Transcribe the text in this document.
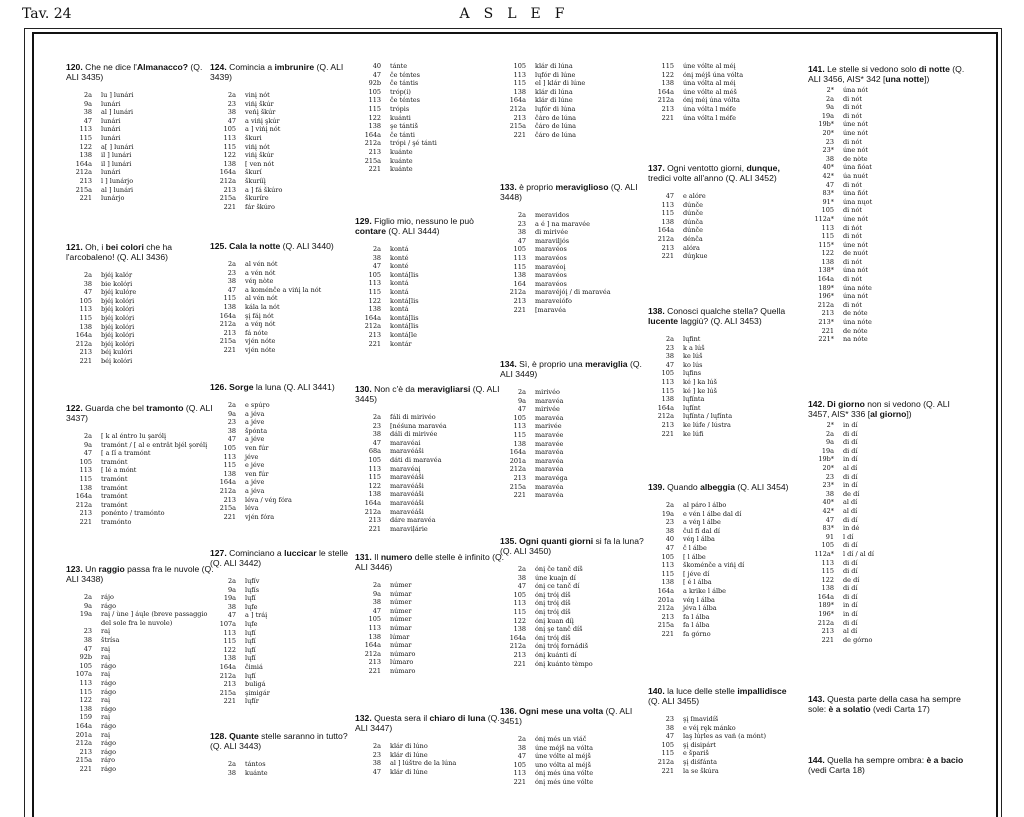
Tav. 24	ASLEF
120. Che ne dice l'Almanacco? (Q. ALI 3435)
2a	lu ] lunári
9a	lunári
38	al ] lunári
47	lunári
113	lunári
115	lunári
122	a[ ] lunári
138	il ] lunári
164a	il ] lunári
212a	lunári
213	l ] lunárjo
215a	al ] lunári
221	lunárjo
121. Oh, i bei colori che ha l'arcobaleno! (Q. ALI 3436)
2a	bjéį kalóŗ
38	bie kolóŗi
47	bjéį kulóŗe
105	bjéį kolóŗi
113	bjéį kolóŗi
115	bjéį kolóŗi
138	bjéį kolóŗi
164a	bjéį kolóŗi
212a	bjéį kolóŗi
213	béį kulóri
221	béį kolóri
122. Guarda che bel tramonto (Q. ALI 3437)
2a	[ k al éntro lu şarólį
9a	tramónt / [ al e entrât bjél şorélį
47	[ a ſí a tramónt
105	tramónt
113	[ lé a mónt
115	tramónt
138	tramónt
164a	tramónt
212a	tramónt
213	ponénto / tramónto
221	tramónto
123. Un raggio passa fra le nuvole (Q. ALI 3438)
2a	rájo
9a	rágo
19a	raį / ùne ] áųle (breve passaggio
del sole fra le nuvole)
23	raį
38	štrísa
47	raį
92b	raį
105	rágo
107a	raį
113	rágo
115	rágo
122	raį
138	rágo
159	raį
164a	rágo
201a	raį
212a	rágo
213	rágo
215a	ráŗo
221	rágo
124. Comincia a imbrunire (Q. ALI 3439)
2a	vinį nót
23	vińį škúr
38	veńį škúr
47	a vińį şkúr
105	a ] vińį nót
113	škuri
115	vińį nót
122	vińį škúr
138	[ ven nót
164a	škurí
212a	škurííį
213	a ] fá škúro
215a	škuríre
221	fár škúro
125. Cala la notte (Q. ALI 3440)
2a	al vén nót
23	a vén nót
38	véŋ nòte
47	a koménče a vińį la nót
115	al vén nót
138	kála la nót
164a	şį fáį nót
212a	a véŋ nót
213	fá nóte
215a	vjén nóte
221	vjén nóte
126. Sorge la luna (Q. ALI 3441)
2a	e spúŗo
9a	a jéva
23	a jéve
38	špónta
47	a jéve
105	ven fúr
113	jéve
115	e jéve
138	ven fúr
164a	a jéve
212a	a jéva
213	léva / véŋ fóra
215a	léva
221	vjén fóra
127. Cominciano a luccicar le stelle (Q. ALI 3442)
2a	lųfív
9a	lųfís
19a	lųfí
38	lųfe
47	a ] tráį
107a	lųfe
113	lųfí
115	lųfí
122	lųfí
138	lųfí
164a	čimiá
212a	lųfí
213	buligá
215a	şimigár
221	lųfír
128. Quante stelle saranno in tutto? (Q. ALI 3443)
2a	tántos
38	kuánte
40	tánte
47	če téntes
92b	če tántis
105	tróp(i)
113	če téntes
115	trópis
122	kuánti
138	şe tántiš
164a	če tánti
212a	trópi / şé tánti
213	kuánte
215a	kuánte
221	kuánte
129. Figlio mio, nessuno le può contare (Q. ALI 3444)
2a	kontá
38	konté
47	konté
105	kontá[lis
113	kontá
115	kontá
122	kontá[lis
138	kontá
164a	kontá[lis
212a	kontá[lis
213	kontá[le
221	kontár
130. Non c'è da meravigliarsi (Q. ALI 3445)
2a	fáli di mirivéo
23	[néśuna maravéa
38	dáli di mirivée
47	maravéai
68a	maravéáši
105	dáti di maravéa
113	maravéaį
115	maravéáši
122	maravéáši
138	maravéáši
164a	maravéáši
212a	maravéáši
213	dáre maravéa
221	maraviļárie
131. Il numero delle stelle è infinito (Q. ALI 3446)
2a	númer
9a	númar
38	númer
47	númer
105	númer
113	númar
138	lúmar
164a	númar
212a	númaro
213	lúmaro
221	númaro
132. Questa sera il chiaro di luna (Q. ALI 3447)
2a	klár di lúno
23	klár di lúne
38	al ] lúštre de la lúna
47	klár di lúne
105	klár di lúna
113	lųfór di lúne
115	el ] klár di lúne
138	klár di lúna
164a	klár di lúne
212a	lųfór di lúna
213	čáro de lúna
215a	čáro de lúna
221	čáro de lúna
133. è proprio meraviglioso (Q. ALI 3448)
2a	meravidos
23	a é ] na maravée
38	di mirivée
47	maraviljós
105	maravéos
113	maravéos
115	maravéoį
138	maravéos
164	maravéos
212a	maravéjóį / di maravéa
213	maraveiófo
221	[maravéa
134. Sì, è proprio una meraviglia (Q. ALI 3449)
2a	mirivéo
9a	maravéa
47	mirivée
105	maravéa
113	marivée
115	maravée
138	maravée
164a	maravéa
201a	maravéa
212a	maravéa
213	maravéga
215a	maravéa
221	maravéa
135. Ogni quanti giorni si fa la luna? (Q. ALI 3450)
2a	ónį če tanč díš
38	úne kuaįn dí
47	ónį ce tanč dí
105	ónį tróį díš
113	ónį tróį díš
115	ónį tróį díš
122	ónį kuan díį
138	ónį şe tanč díš
164a	ónį tróį díš
212a	ónį tróį fornádiš
213	ónį kuánti dí
221	ónį kuánto tèmpo
136. Ogni mese una volta (Q. ALI 3451)
2a	ónį més un viáč
38	úne méjš na vólta
47	úne vólte al méjš
105	uno vólta al méjš
113	ónį més úna vólte
221	ónį més úne vólte
115	úne vólte al méį
122	ónį méjš úna vólta
138	úna vólta al méį
164a	úne vólte al méš
212a	ónį méį úna vólta
213	úna vólta l méfe
221	úna vólta l méfe
137. Ogni ventotto giorni, dunque, tredici volte all'anno (Q. ALI 3452)
47	e alóre
113	dúnče
115	dúnče
138	dúnča
164a	dúnče
212a	dénča
213	alóra
221	dúŋkue
138. Conosci qualche stella? Quella lucente laggiù? (Q. ALI 3453)
2a	lųfint
23	k a lúš
38	ke lúš
47	ko lús
105	lųfins
113	ké ] ka lúš
115	ké ] ke lúš
138	lųfínta
164a	lųfínt
212a	lųfínta / lųfínta
213	ke lúfe / lústra
221	ke lúfi
139. Quando albeggia (Q. ALI 3454)
2a	al páro l álbo
19a	e vén l álbe dal dí
23	a véŋ l álbe
38	čul fí dal dí
40	véŋ l álba
47	č l álbe
105	[ l álbe
113	škoménče a vińį dí
115	[ jéve dí
138	[ é l álba
164a	a krike l álbe
201a	véŋ l álba
212a	jéva l álba
213	fa l álba
215a	fa l álba
221	fa górno
140. la luce delle stelle impallidisce (Q. ALI 3455)
23	şį ſmavidíš
38	e véį ręk mánko
47	laş lúŗles as vań (a mónt)
105	şį disipárt
115	e špariš
212a	şį diśfánta
221	la se škúra
141. Le stelle si vedono solo di notte (Q. ALI 3456, AIS* 342 [una notte])
2*	úna nót
2a	di nót
9a	di nót
19a	di nót
19b*	úne nót
20*	úne nót
23	di nót
23*	úne nót
38	de nòte
40*	úna ñóat
42*	úa nuét
47	di nót
83*	úna ñót
91*	úna nųot
105	di nót
112a*	úne nót
113	di ńót
115	di nót
115*	úne nót
122	de nuót
138	di nót
138*	úna nót
164a	di nót
189*	úna nóte
196*	úna nót
212a	di nót
213	de nóte
213*	úna nóte
221	de nóte
221*	na nóte
142. Di giorno non si vedono (Q. ALI 3457, AIS* 336 [al giorno])
2*	in dí
2a	di dí
9a	di dí
19a	di dí
19b*	in dí
20*	al dí
23	di dí
23*	in dí
38	de dí
40*	al dí
42*	al dí
47	di dí
83*	in dé
91	l dí
105	di dí
112a*	l dí / al dí
113	di dí
115	di dí
122	de dí
138	di dí
164a	di dí
189*	in dí
196*	in dí
212a	di dí
213	al dí
221	de górno
143. Questa parte della casa ha sempre sole: è a solatio (vedi Carta 17)
144. Quella ha sempre ombra: è a bacio (vedi Carta 18)
